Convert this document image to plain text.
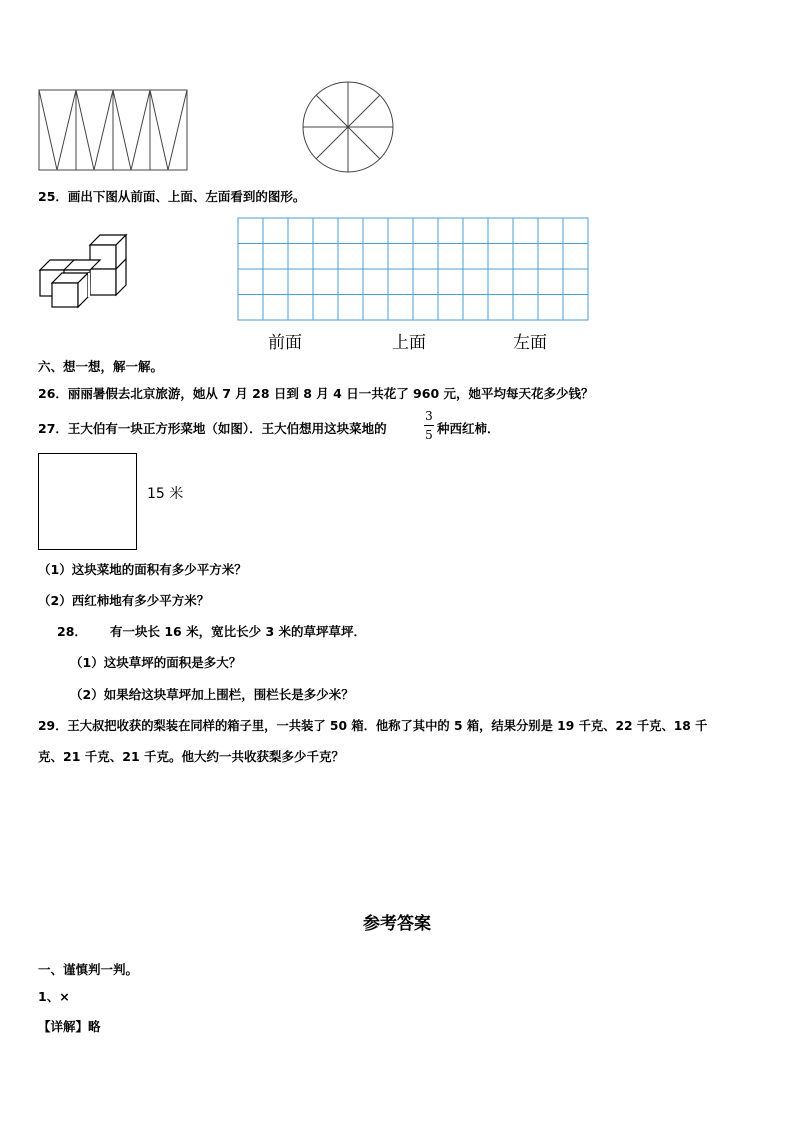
25．画出下图从前面、上面、左面看到的图形。
前面	上面	左面
六、想一想，解一解。
26．丽丽暑假去北京旅游，她从 7 月 28 日到 8 月 4 日一共花了 960 元，她平均每天花多少钱？
27．王大伯有一块正方形菜地（如图）．王大伯想用这块菜地的
3
5 种西红柿．
15 米
（1）这块菜地的面积有多少平方米？
（2）西红柿地有多少平方米？
28． 有一块长 16 米，宽比长少 3 米的草坪草坪．
（1）这块草坪的面积是多大？
（2）如果给这块草坪加上围栏，围栏长是多少米？
29．王大叔把收获的梨装在同样的箱子里，一共装了 50 箱．他称了其中的 5 箱，结果分别是 19 千克、22 千克、18 千
克、21 千克、21 千克。他大约一共收获梨多少千克？
参考答案
一、谨慎判一判。
1、×
【详解】略
